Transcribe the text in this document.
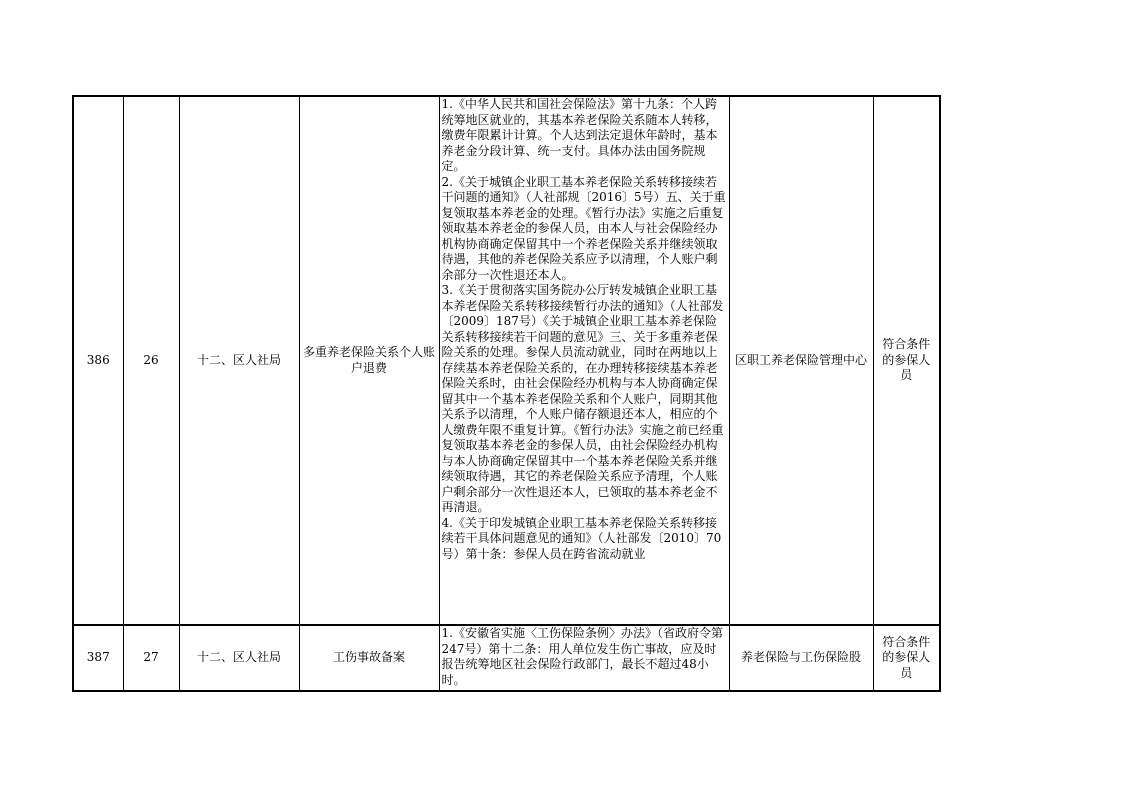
386	26	十二、区人社局	多重养老保险关系个人账户退费	1.《中华人民共和国社会保险法》第十九条：个人跨统筹地区就业的，其基本养老保险关系随本人转移，缴费年限累计计算。个人达到法定退休年龄时，基本养老金分段计算、统一支付。具体办法由国务院规定。
2.《关于城镇企业职工基本养老保险关系转移接续若干问题的通知》（人社部规〔2016〕5号）五、关于重复领取基本养老金的处理。《暂行办法》实施之后重复领取基本养老金的参保人员，由本人与社会保险经办机构协商确定保留其中一个养老保险关系并继续领取待遇，其他的养老保险关系应予以清理，个人账户剩余部分一次性退还本人。
3.《关于贯彻落实国务院办公厅转发城镇企业职工基本养老保险关系转移接续暂行办法的通知》（人社部发〔2009〕187号）《关于城镇企业职工基本养老保险关系转移接续若干问题的意见》三、关于多重养老保险关系的处理。参保人员流动就业，同时在两地以上存续基本养老保险关系的，在办理转移接续基本养老保险关系时，由社会保险经办机构与本人协商确定保留其中一个基本养老保险关系和个人账户，同期其他关系予以清理，个人账户储存额退还本人，相应的个人缴费年限不重复计算。《暂行办法》实施之前已经重复领取基本养老金的参保人员，由社会保险经办机构与本人协商确定保留其中一个基本养老保险关系并继续领取待遇，其它的养老保险关系应予清理，个人账户剩余部分一次性退还本人，已领取的基本养老金不再清退。
4.《关于印发城镇企业职工基本养老保险关系转移接续若干具体问题意见的通知》（人社部发〔2010〕70号）第十条：参保人员在跨省流动就业	区职工养老保险管理中心	符合条件的参保人员
387	27	十二、区人社局	工伤事故备案	1.《安徽省实施〈工伤保险条例〉办法》（省政府令第247号）第十二条：用人单位发生伤亡事故，应及时报告统筹地区社会保险行政部门，最长不超过48小时。	养老保险与工伤保险股	符合条件的参保人员
